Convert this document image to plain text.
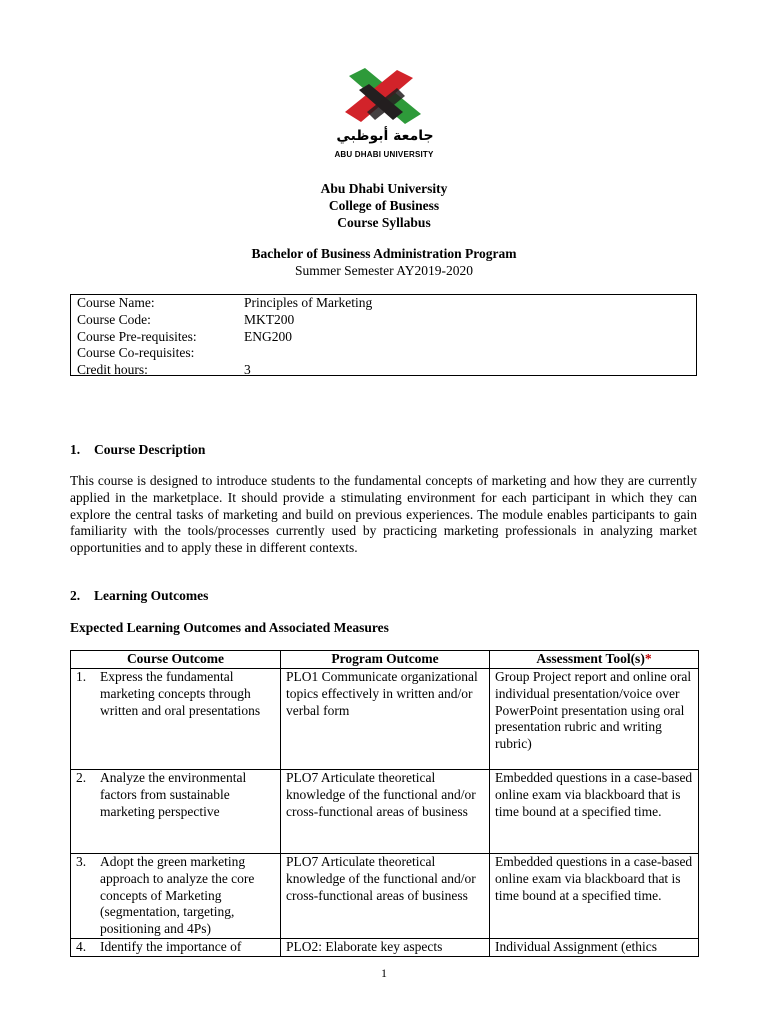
جامعة أبوظبي
ABU DHABI UNIVERSITY
Abu Dhabi University
College of Business
Course Syllabus
Bachelor of Business Administration Program
Summer Semester AY2019-2020
Course Name:	Principles of Marketing
Course Code:	MKT200
Course Pre-requisites:	ENG200
Course Co-requisites:
Credit hours:	3
1. Course Description
This course is designed to introduce students to the fundamental concepts of marketing and how they are currently applied in the marketplace. It should provide a stimulating environment for each participant in which they can explore the central tasks of marketing and build on previous experiences. The module enables participants to gain familiarity with the tools/processes currently used by practicing marketing professionals in analyzing market opportunities and to apply these in different contexts.
2. Learning Outcomes
Expected Learning Outcomes and Associated Measures
Course Outcome	Program Outcome	Assessment Tool(s)*

1. Express the fundamental marketing concepts through written and oral presentations	PLO1 Communicate organizational topics effectively in written and/or verbal form	Group Project report and online oral individual presentation/voice over PowerPoint presentation using oral presentation rubric and writing rubric)

2. Analyze the environmental factors from sustainable marketing perspective	PLO7 Articulate theoretical knowledge of the functional and/or cross-functional areas of business	Embedded questions in a case-based online exam via blackboard that is time bound at a specified time.

3. Adopt the green marketing approach to analyze the core concepts of Marketing (segmentation, targeting, positioning and 4Ps)	PLO7 Articulate theoretical knowledge of the functional and/or cross-functional areas of business	Embedded questions in a case-based online exam via blackboard that is time bound at a specified time.

4. Identify the importance of	PLO2: Elaborate key aspects	Individual Assignment (ethics
1
